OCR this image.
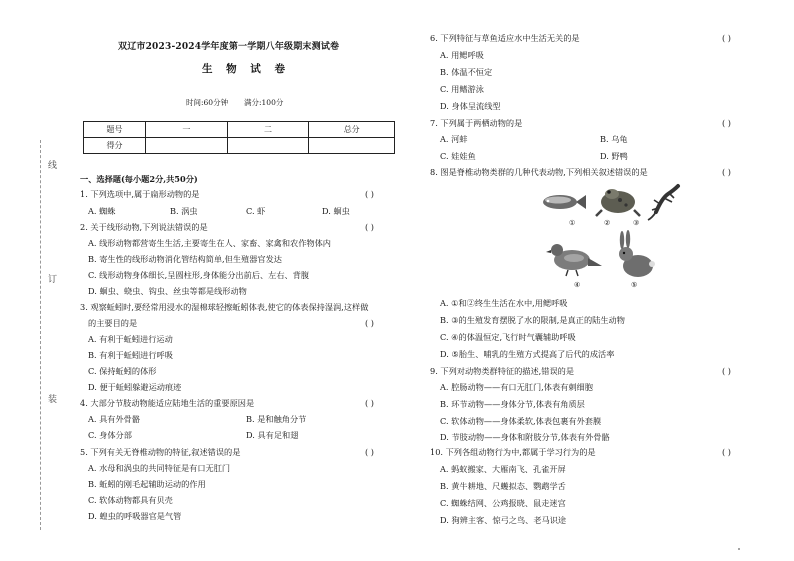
线
订
装
双辽市2023-2024学年度第一学期八年级期末测试卷
生 物 试 卷
时间:60分钟 满分:100分
题号	一	二	总分
得分			
一、选择题(每小题2分,共50分)
1. 下列选项中,属于扁形动物的是	( )
A. 蜘蛛	B. 涡虫	C. 虾	D. 蛔虫
2. 关于线形动物,下列说法错误的是	( )
A. 线形动物都营寄生生活,主要寄生在人、家畜、家禽和农作物体内
B. 寄生性的线形动物消化管结构简单,但生殖器官发达
C. 线形动物身体细长,呈圆柱形,身体能分出前后、左右、背腹
D. 蛔虫、蛲虫、钩虫、丝虫等都是线形动物
3. 观察蚯蚓时,要经常用浸水的湿棉球轻擦蚯蚓体表,使它的体表保持湿润,这样做
的主要目的是	( )
A. 有利于蚯蚓进行运动
B. 有利于蚯蚓进行呼吸
C. 保持蚯蚓的体形
D. 便于蚯蚓躲避运动痕迹
4. 大部分节肢动物能适应陆地生活的重要原因是	( )
A. 具有外骨骼	B. 是和触角分节
C. 身体分部	D. 具有足和翅
5. 下列有关无脊椎动物的特征,叙述错误的是	( )
A. 水母和涡虫的共同特征是有口无肛门
B. 蚯蚓的刚毛起辅助运动的作用
C. 软体动物都具有贝壳
D. 蝗虫的呼吸器官是气管
6. 下列特征与草鱼适应水中生活无关的是	( )
A. 用鳃呼吸
B. 体温不恒定
C. 用鳍游泳
D. 身体呈流线型
7. 下列属于两栖动物的是	( )
A. 河蚌	B. 乌龟
C. 娃娃鱼	D. 野鸭
8. 图是脊椎动物类群的几种代表动物,下列相关叙述错误的是	( )
①	②	③
④	⑤
A. ①和②终生生活在水中,用鳃呼吸
B. ③的生殖发育摆脱了水的限制,是真正的陆生动物
C. ④的体温恒定,飞行时气囊辅助呼吸
D. ⑤胎生、哺乳的生殖方式提高了后代的成活率
9. 下列对动物类群特征的描述,错误的是	( )
A. 腔肠动物——有口无肛门,体表有刺细胞
B. 环节动物——身体分节,体表有角质层
C. 软体动物——身体柔软,体表包裹有外套膜
D. 节肢动物——身体和附肢分节,体表有外骨骼
10. 下列各组动物行为中,都属于学习行为的是	( )
A. 蚂蚁搬家、大雁南飞、孔雀开屏
B. 黄牛耕地、尺蠖拟态、鹦鹉学舌
C. 蜘蛛结网、公鸡报晓、鼠走迷宫
D. 狗辨主客、惊弓之鸟、老马识途
